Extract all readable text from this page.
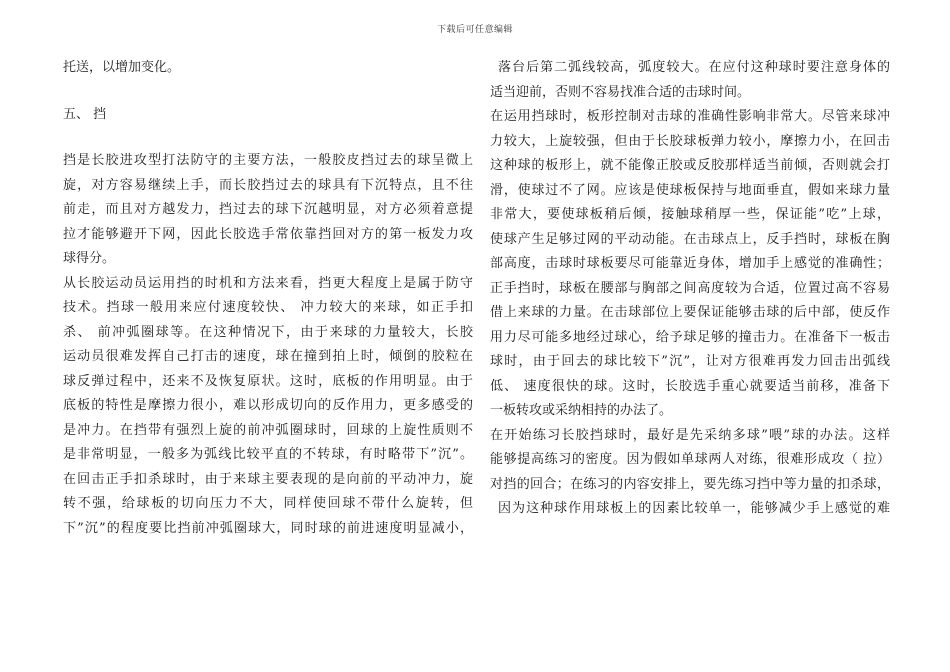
下载后可任意编辑
托送，以增加变化。
五、 挡
挡是长胶进攻型打法防守的主要方法，一般胶皮挡过去的球呈微上
旋，对方容易继续上手，而长胶挡过去的球具有下沉特点，且不往
前走，而且对方越发力，挡过去的球下沉越明显，对方必须着意提
拉才能够避开下网，因此长胶选手常依靠挡回对方的第一板发力攻
球得分。
从长胶运动员运用挡的时机和方法来看，挡更大程度上是属于防守
技术。挡球一般用来应付速度较快、 冲力较大的来球，如正手扣
杀、 前冲弧圈球等。在这种情况下，由于来球的力量较大，长胶
运动员很难发挥自己打击的速度，球在撞到拍上时，倾倒的胶粒在
球反弹过程中，还来不及恢复原状。这时，底板的作用明显。由于
底板的特性是摩擦力很小，难以形成切向的反作用力，更多感受的
是冲力。在挡带有强烈上旋的前冲弧圈球时，回球的上旋性质则不
是非常明显，一般多为弧线比较平直的不转球，有时略带下”沉”。
在回击正手扣杀球时，由于来球主要表现的是向前的平动冲力，旋
转不强，给球板的切向压力不大，同样使回球不带什么旋转，但
下”沉”的程度要比挡前冲弧圈球大，同时球的前进速度明显减小，
落台后第二弧线较高，弧度较大。在应付这种球时要注意身体的
适当迎前，否则不容易找准合适的击球时间。
在运用挡球时，板形控制对击球的准确性影响非常大。尽管来球冲
力较大，上旋较强，但由于长胶球板弹力较小，摩擦力小，在回击
这种球的板形上，就不能像正胶或反胶那样适当前倾，否则就会打
滑，使球过不了网。应该是使球板保持与地面垂直，假如来球力量
非常大，要使球板稍后倾，接触球稍厚一些，保证能”吃”上球，
使球产生足够过网的平动动能。在击球点上，反手挡时，球板在胸
部高度，击球时球板要尽可能靠近身体，增加手上感觉的准确性；
正手挡时，球板在腰部与胸部之间高度较为合适，位置过高不容易
借上来球的力量。在击球部位上要保证能够击球的后中部，使反作
用力尽可能多地经过球心，给予球足够的撞击力。在准备下一板击
球时，由于回去的球比较下”沉”，让对方很难再发力回击出弧线
低、 速度很快的球。这时，长胶选手重心就要适当前移，准备下
一板转攻或采纳相持的办法了。
在开始练习长胶挡球时，最好是先采纳多球”喂”球的办法。这样
能够提高练习的密度。因为假如单球两人对练，很难形成攻（ 拉）
对挡的回合；在练习的内容安排上，要先练习挡中等力量的扣杀球，
因为这种球作用球板上的因素比较单一，能够减少手上感觉的难
